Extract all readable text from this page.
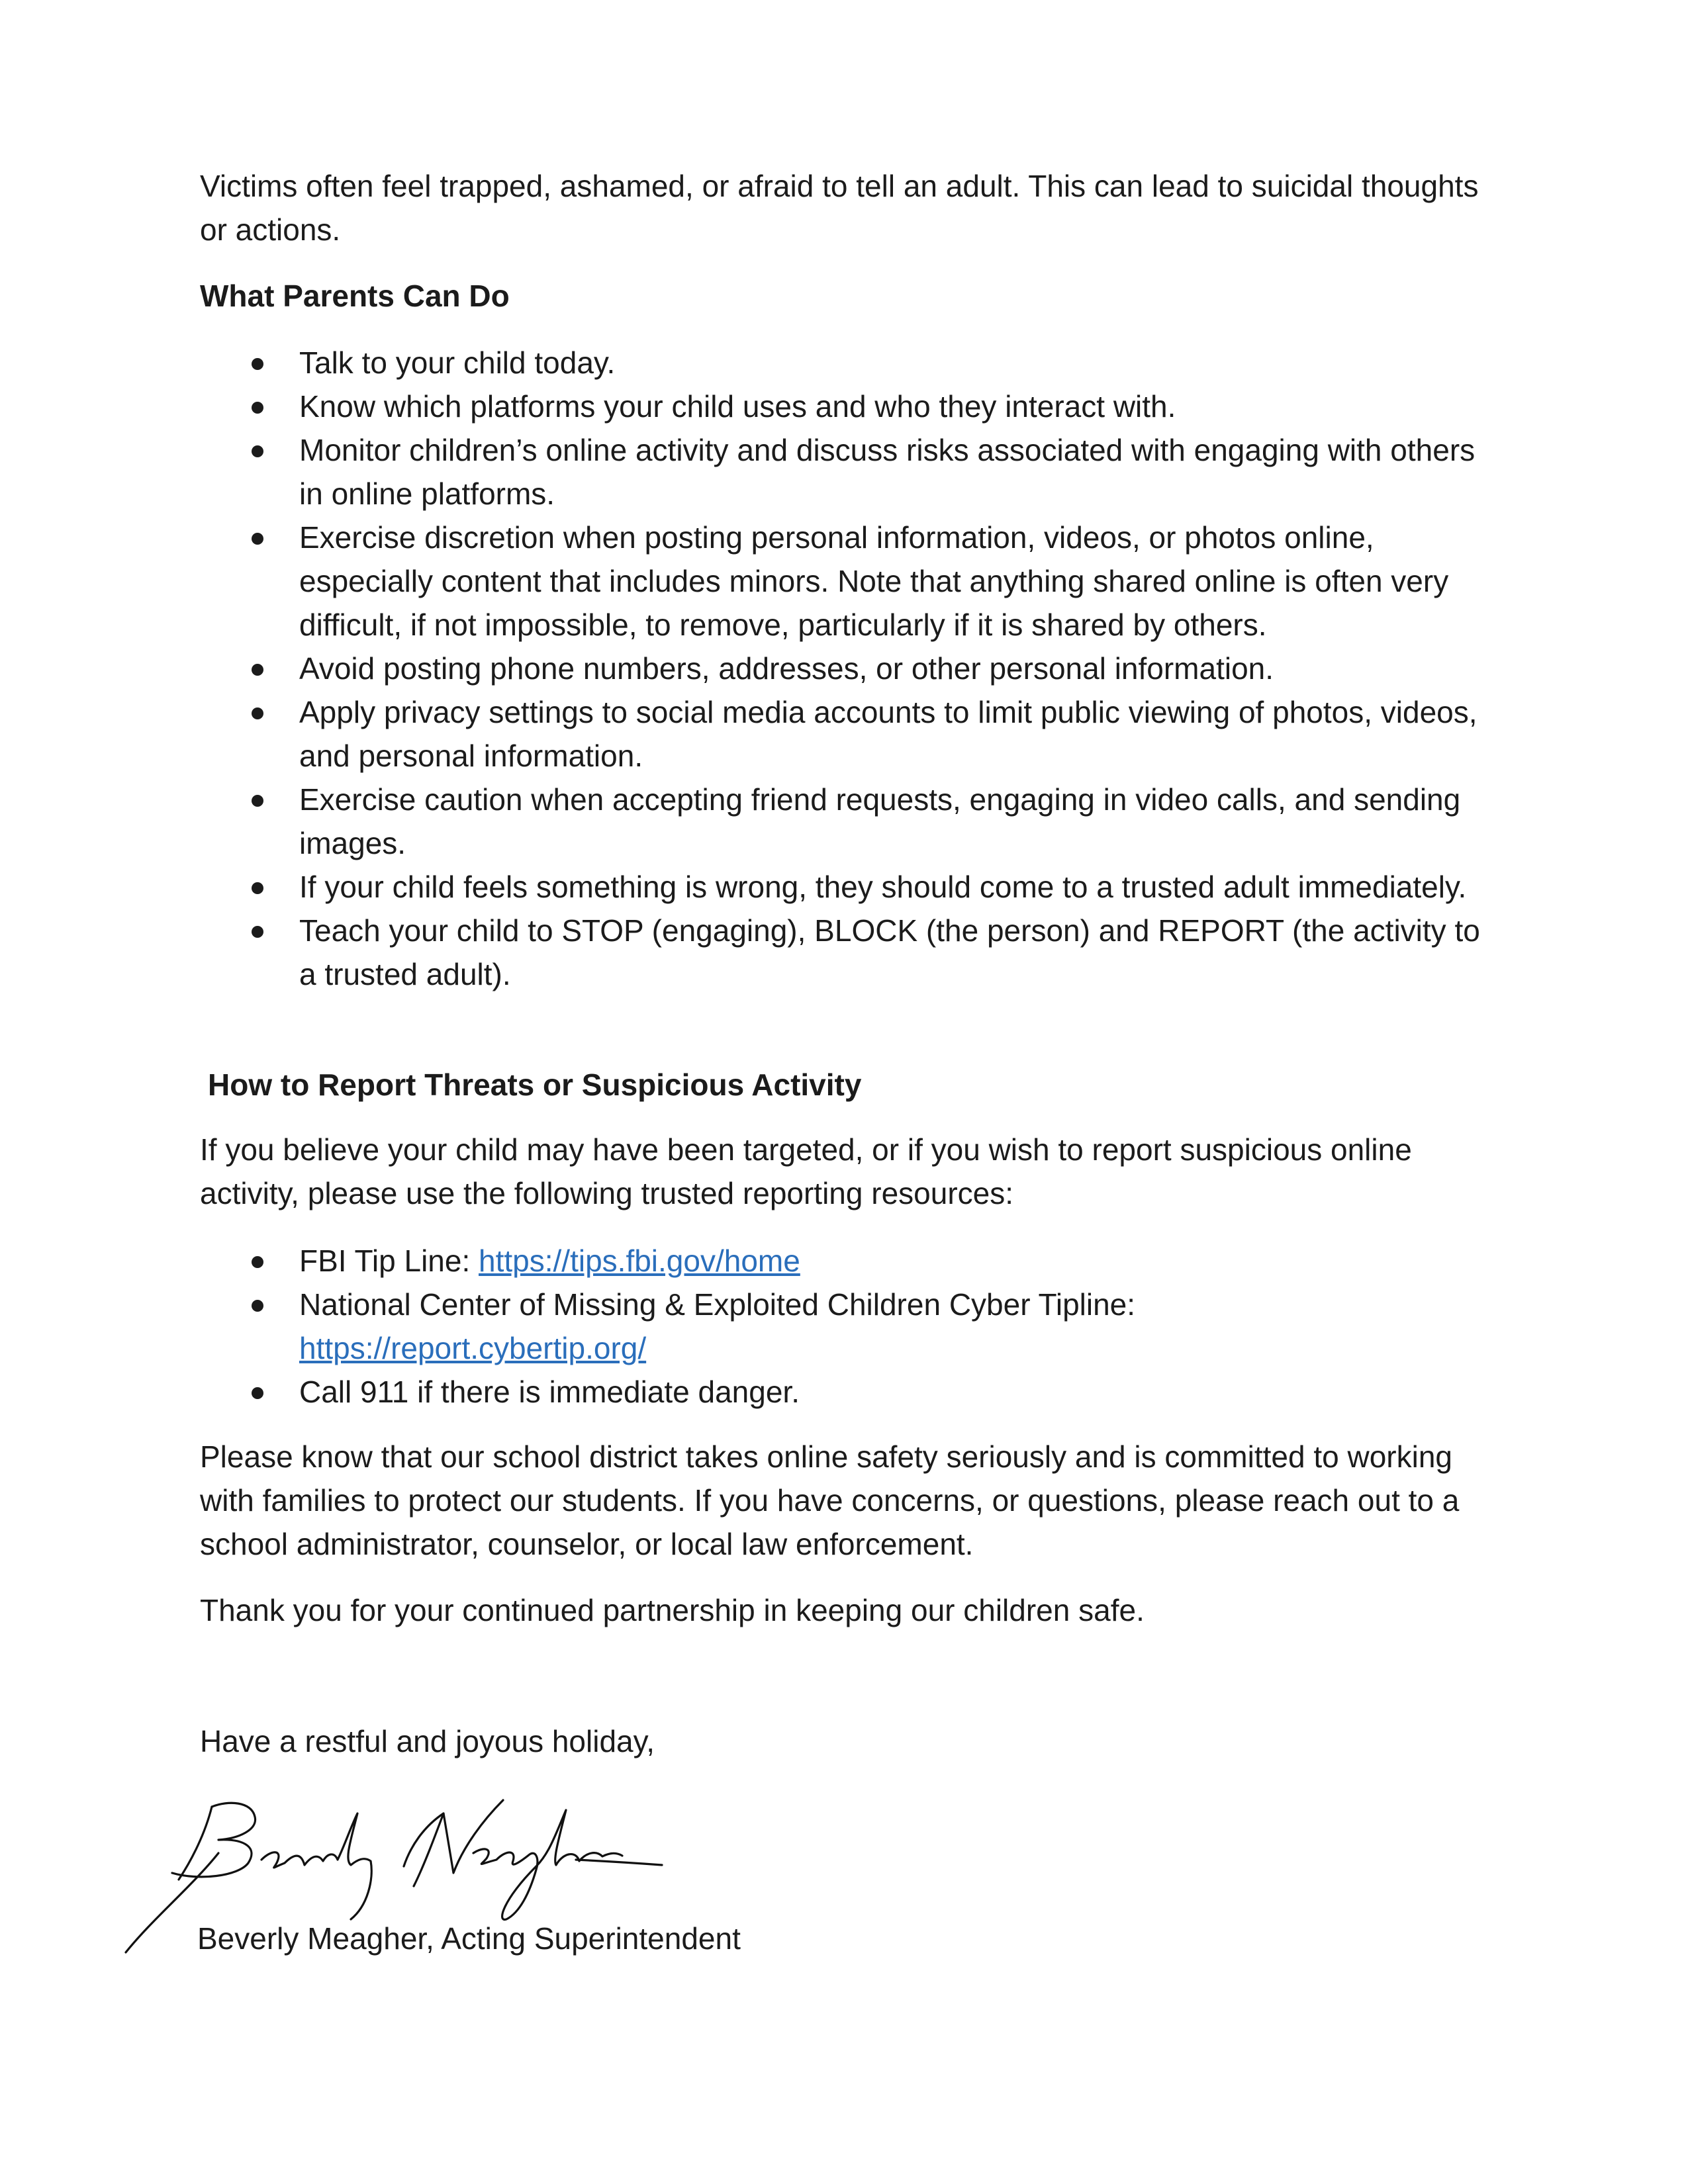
Victims often feel trapped, ashamed, or afraid to tell an adult. This can lead to suicidal thoughts or actions.

What Parents Can Do

Talk to your child today.
Know which platforms your child uses and who they interact with.
Monitor children’s online activity and discuss risks associated with engaging with others in online platforms.
Exercise discretion when posting personal information, videos, or photos online, especially content that includes minors. Note that anything shared online is often very difficult, if not impossible, to remove, particularly if it is shared by others.
Avoid posting phone numbers, addresses, or other personal information.
Apply privacy settings to social media accounts to limit public viewing of photos, videos, and personal information.
Exercise caution when accepting friend requests, engaging in video calls, and sending images.
If your child feels something is wrong, they should come to a trusted adult immediately.
Teach your child to STOP (engaging), BLOCK (the person) and REPORT (the activity to a trusted adult).

How to Report Threats or Suspicious Activity

If you believe your child may have been targeted, or if you wish to report suspicious online activity, please use the following trusted reporting resources:

FBI Tip Line: https://tips.fbi.gov/home
National Center of Missing & Exploited Children Cyber Tipline:
https://report.cybertip.org/
Call 911 if there is immediate danger.

Please know that our school district takes online safety seriously and is committed to working with families to protect our students. If you have concerns, or questions, please reach out to a school administrator, counselor, or local law enforcement.

Thank you for your continued partnership in keeping our children safe.

Have a restful and joyous holiday,

Beverly Meagher, Acting Superintendent
